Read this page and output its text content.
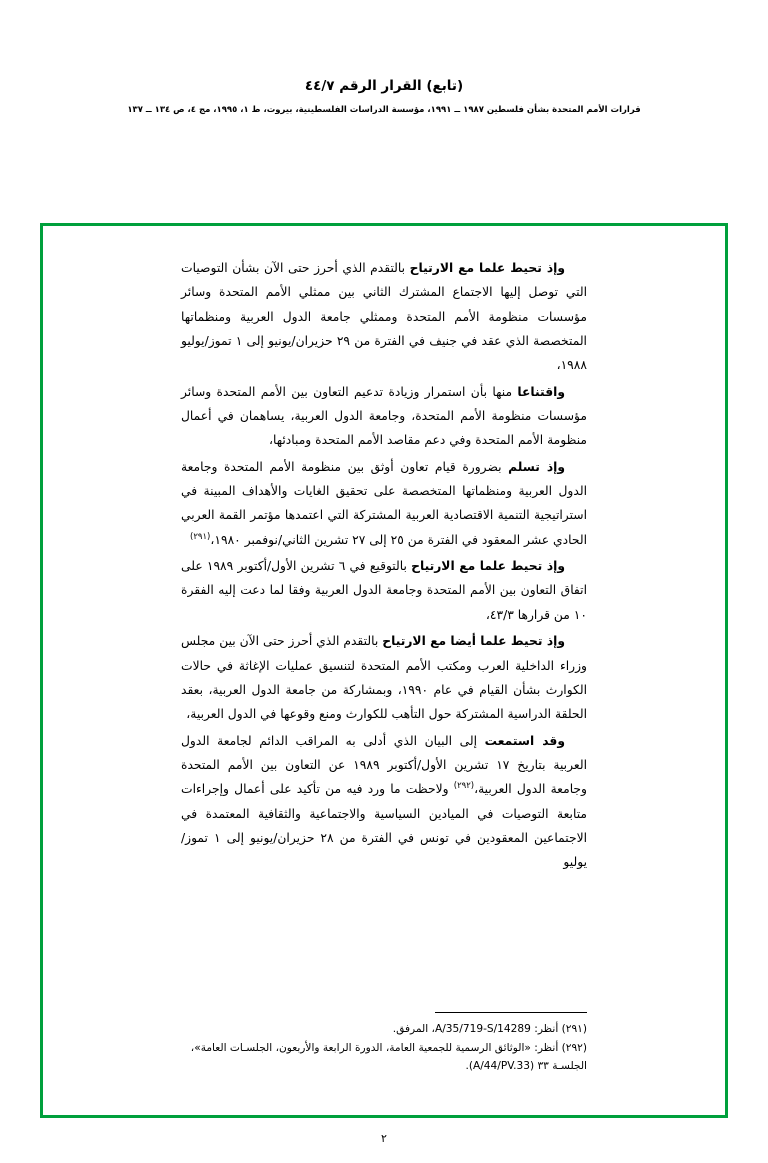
(تابع) القرار الرقم ٤٤/٧
قرارات الأمم المتحدة بشأن فلسطين ١٩٨٧ ــ ١٩٩١، مؤسسة الدراسات الفلسطينية، بيروت، ط ١، ١٩٩٥، مج ٤، ص ١٣٤ ــ ١٣٧

وإذ تحيط علما مع الارتياح بالتقدم الذي أحرز حتى الآن بشأن التوصيات التي توصل إليها الاجتماع المشترك الثاني بين ممثلي الأمم المتحدة وسائر مؤسسات منظومة الأمم المتحدة وممثلي جامعة الدول العربية ومنظماتها المتخصصة الذي عقد في جنيف في الفترة من ٢٩ حزيران/يونيو إلى ١ تموز/يوليو ١٩٨٨،

واقتناعا منها بأن استمرار وزيادة تدعيم التعاون بين الأمم المتحدة وسائر مؤسسات منظومة الأمم المتحدة، وجامعة الدول العربية، يساهمان في أعمال منظومة الأمم المتحدة وفي دعم مقاصد الأمم المتحدة ومبادئها،

وإذ تسلم بضرورة قيام تعاون أوثق بين منظومة الأمم المتحدة وجامعة الدول العربية ومنظماتها المتخصصة على تحقيق الغايات والأهداف المبينة في استراتيجية التنمية الاقتصادية العربية المشتركة التي اعتمدها مؤتمر القمة العربي الحادي عشر المعقود في الفترة من ٢٥ إلى ٢٧ تشرين الثاني/نوفمبر ١٩٨٠،$^{(٢٩١)}$

وإذ تحيط علما مع الارتياح بالتوقيع في ٦ تشرين الأول/أكتوبر ١٩٨٩ على اتفاق التعاون بين الأمم المتحدة وجامعة الدول العربية وفقا لما دعت إليه الفقرة ١٠ من قرارها ٤٣/٣،

وإذ تحيط علما أيضا مع الارتياح بالتقدم الذي أحرز حتى الآن بين مجلس وزراء الداخلية العرب ومكتب الأمم المتحدة لتنسيق عمليات الإغاثة في حالات الكوارث بشأن القيام في عام ١٩٩٠، وبمشاركة من جامعة الدول العربية، بعقد الحلقة الدراسية المشتركة حول التأهب للكوارث ومنع وقوعها في الدول العربية،

وقد استمعت إلى البيان الذي أدلى به المراقب الدائم لجامعة الدول العربية بتاريخ ١٧ تشرين الأول/أكتوبر ١٩٨٩ عن التعاون بين الأمم المتحدة وجامعة الدول العربية،$^{(٢٩٢)}$ ولاحظت ما ورد فيه من تأكيد على أعمال وإجراءات متابعة التوصيات في الميادين السياسية والاجتماعية والثقافية المعتمدة في الاجتماعين المعقودين في تونس في الفترة من ٢٨ حزيران/يونيو إلى ١ تموز/يوليو

(٢٩١) أنظر: A/35/719-S/14289، المرفق.

(٢٩٢) أنظر: «الوثائق الرسمية للجمعية العامة، الدورة الرابعة والأربعون، الجلسـات العامة»، الجلسـة ٣٣ (A/44/PV.33).

٢
